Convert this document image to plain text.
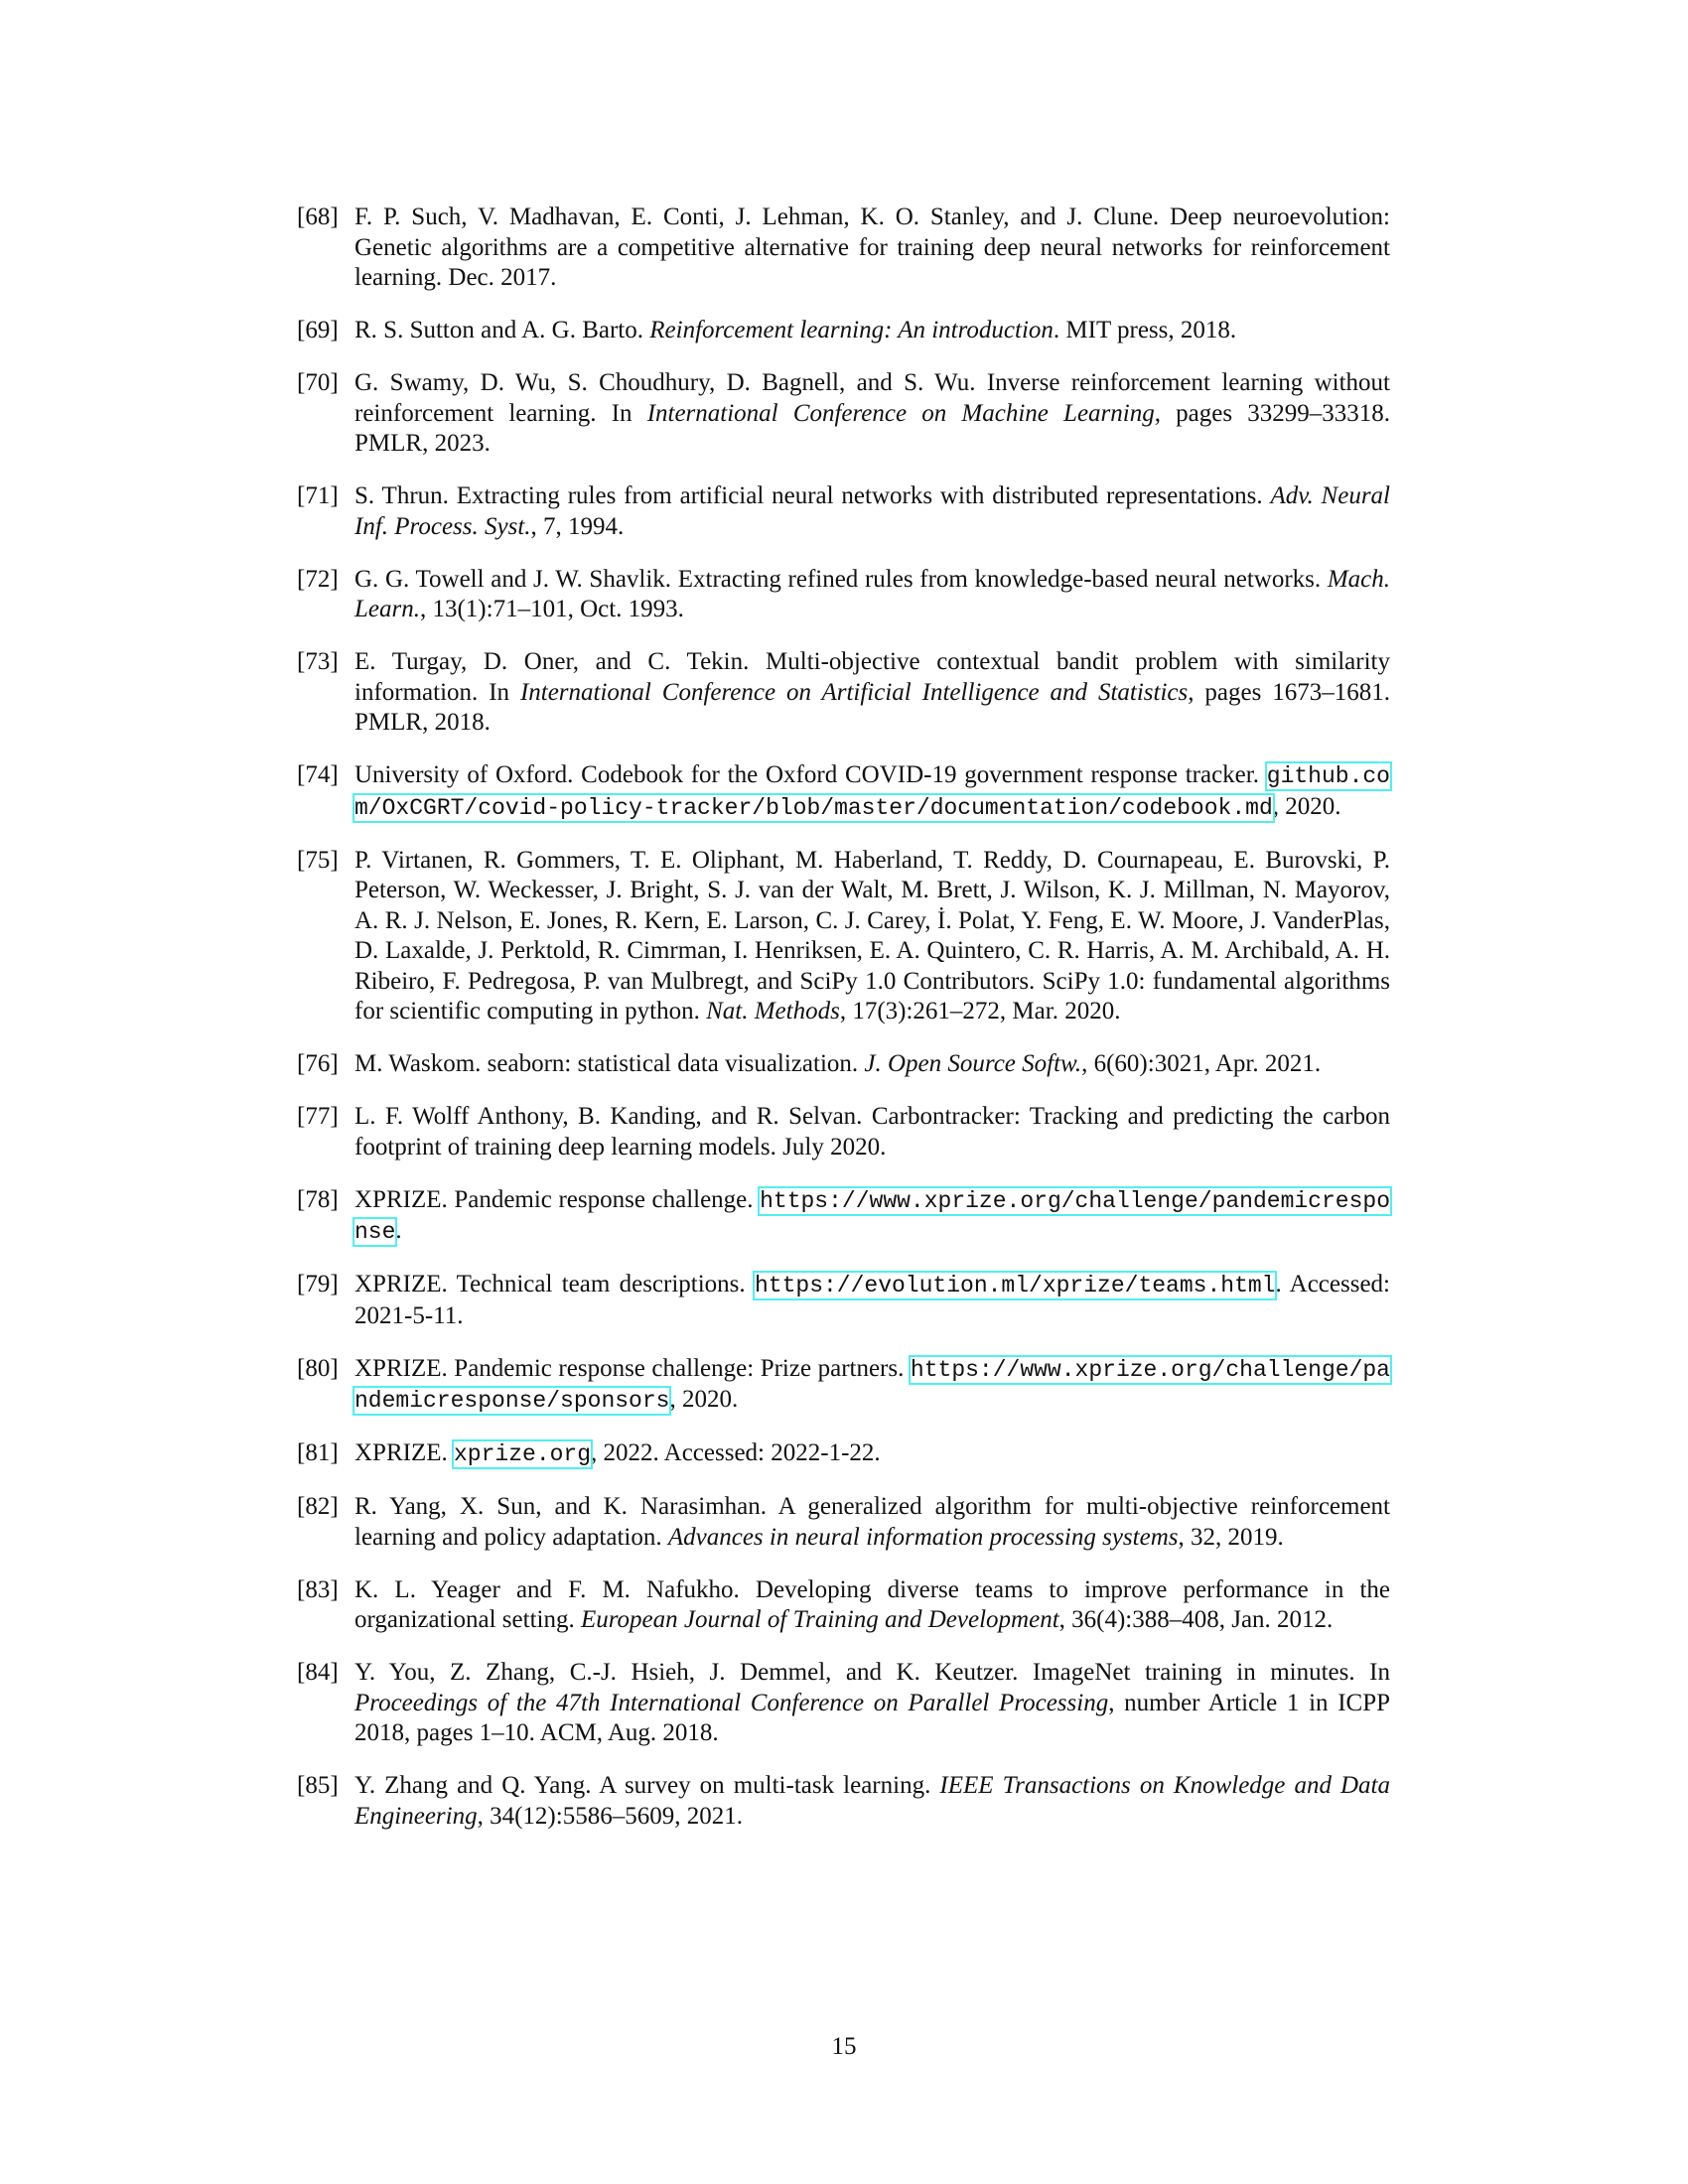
[68] F. P. Such, V. Madhavan, E. Conti, J. Lehman, K. O. Stanley, and J. Clune. Deep neuroevolution: Genetic algorithms are a competitive alternative for training deep neural networks for reinforcement learning. Dec. 2017.
[69] R. S. Sutton and A. G. Barto. Reinforcement learning: An introduction. MIT press, 2018.
[70] G. Swamy, D. Wu, S. Choudhury, D. Bagnell, and S. Wu. Inverse reinforcement learning without reinforcement learning. In International Conference on Machine Learning, pages 33299–33318. PMLR, 2023.
[71] S. Thrun. Extracting rules from artificial neural networks with distributed representations. Adv. Neural Inf. Process. Syst., 7, 1994.
[72] G. G. Towell and J. W. Shavlik. Extracting refined rules from knowledge-based neural networks. Mach. Learn., 13(1):71–101, Oct. 1993.
[73] E. Turgay, D. Oner, and C. Tekin. Multi-objective contextual bandit problem with similarity information. In International Conference on Artificial Intelligence and Statistics, pages 1673–1681. PMLR, 2018.
[74] University of Oxford. Codebook for the Oxford COVID-19 government response tracker. github.com/OxCGRT/covid-policy-tracker/blob/master/documentation/codebook.md, 2020.
[75] P. Virtanen, R. Gommers, T. E. Oliphant, M. Haberland, T. Reddy, D. Cournapeau, E. Burovski, P. Peterson, W. Weckesser, J. Bright, S. J. van der Walt, M. Brett, J. Wilson, K. J. Millman, N. Mayorov, A. R. J. Nelson, E. Jones, R. Kern, E. Larson, C. J. Carey, İ. Polat, Y. Feng, E. W. Moore, J. VanderPlas, D. Laxalde, J. Perktold, R. Cimrman, I. Henriksen, E. A. Quintero, C. R. Harris, A. M. Archibald, A. H. Ribeiro, F. Pedregosa, P. van Mulbregt, and SciPy 1.0 Contributors. SciPy 1.0: fundamental algorithms for scientific computing in python. Nat. Methods, 17(3):261–272, Mar. 2020.
[76] M. Waskom. seaborn: statistical data visualization. J. Open Source Softw., 6(60):3021, Apr. 2021.
[77] L. F. Wolff Anthony, B. Kanding, and R. Selvan. Carbontracker: Tracking and predicting the carbon footprint of training deep learning models. July 2020.
[78] XPRIZE. Pandemic response challenge. https://www.xprize.org/challenge/pandemicresponse.
[79] XPRIZE. Technical team descriptions. https://evolution.ml/xprize/teams.html. Accessed: 2021-5-11.
[80] XPRIZE. Pandemic response challenge: Prize partners. https://www.xprize.org/challenge/pandemicresponse/sponsors, 2020.
[81] XPRIZE. xprize.org, 2022. Accessed: 2022-1-22.
[82] R. Yang, X. Sun, and K. Narasimhan. A generalized algorithm for multi-objective reinforcement learning and policy adaptation. Advances in neural information processing systems, 32, 2019.
[83] K. L. Yeager and F. M. Nafukho. Developing diverse teams to improve performance in the organizational setting. European Journal of Training and Development, 36(4):388–408, Jan. 2012.
[84] Y. You, Z. Zhang, C.-J. Hsieh, J. Demmel, and K. Keutzer. ImageNet training in minutes. In Proceedings of the 47th International Conference on Parallel Processing, number Article 1 in ICPP 2018, pages 1–10. ACM, Aug. 2018.
[85] Y. Zhang and Q. Yang. A survey on multi-task learning. IEEE Transactions on Knowledge and Data Engineering, 34(12):5586–5609, 2021.
15
